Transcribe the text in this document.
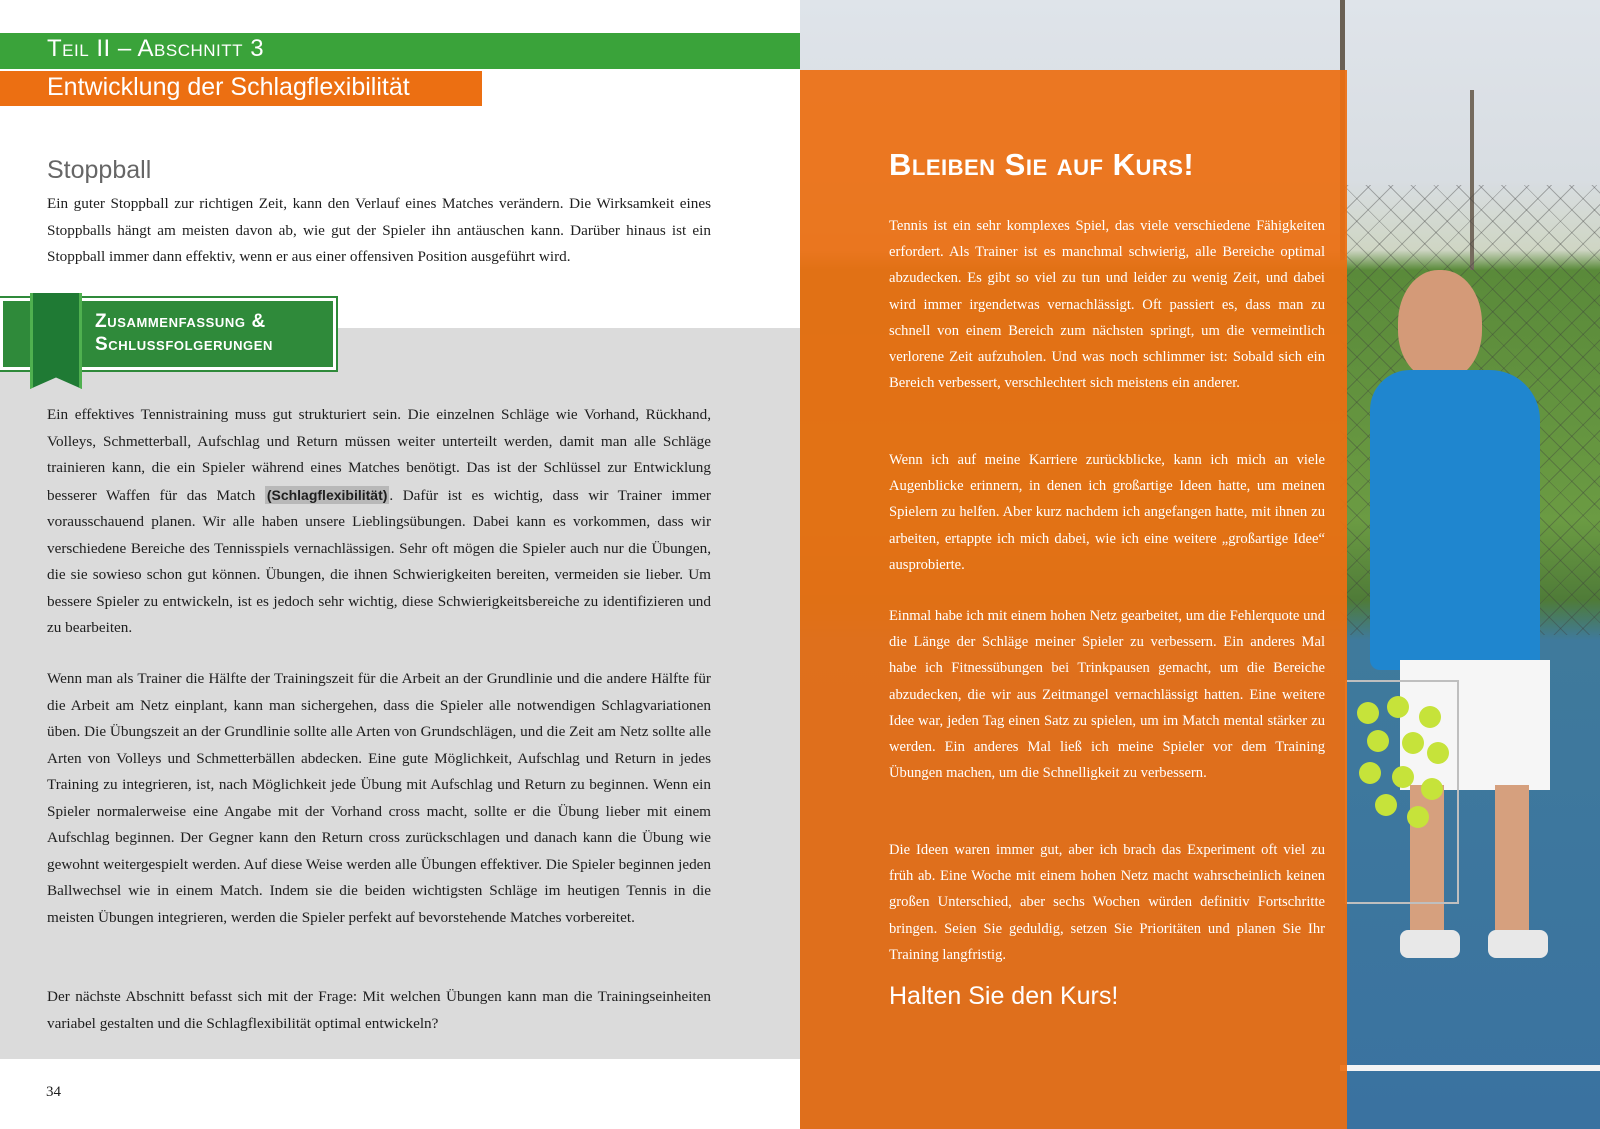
Teil II – Abschnitt 3
Entwicklung der Schlagflexibilität
Stoppball
Ein guter Stoppball zur richtigen Zeit, kann den Verlauf eines Matches verändern. Die Wirksamkeit eines Stoppballs hängt am meisten davon ab, wie gut der Spieler ihn antäuschen kann. Darüber hinaus ist ein Stoppball immer dann effektiv, wenn er aus einer offensiven Position ausgeführt wird.
Zusammenfassung &
Schlussfolgerungen
Ein effektives Tennistraining muss gut strukturiert sein. Die einzelnen Schläge wie Vorhand, Rückhand, Volleys, Schmetterball, Aufschlag und Return müssen weiter unterteilt werden, damit man alle Schläge trainieren kann, die ein Spieler während eines Matches benötigt. Das ist der Schlüssel zur Entwicklung besserer Waffen für das Match (Schlagflexibilität) . Dafür ist es wichtig, dass wir Trainer immer vorausschauend planen. Wir alle haben unsere Lieblingsübungen. Dabei kann es vorkommen, dass wir verschiedene Bereiche des Tennisspiels vernachlässigen. Sehr oft mögen die Spieler auch nur die Übungen, die sie sowieso schon gut können. Übungen, die ihnen Schwierigkeiten bereiten, vermeiden sie lieber. Um bessere Spieler zu entwickeln, ist es jedoch sehr wichtig, diese Schwierigkeitsbereiche zu identifizieren und zu bearbeiten.
Wenn man als Trainer die Hälfte der Trainingszeit für die Arbeit an der Grundlinie und die andere Hälfte für die Arbeit am Netz einplant, kann man sichergehen, dass die Spieler alle notwendigen Schlagvariationen üben. Die Übungszeit an der Grundlinie sollte alle Arten von Grundschlägen, und die Zeit am Netz sollte alle Arten von Volleys und Schmetterbällen abdecken. Eine gute Möglichkeit, Aufschlag und Return in jedes Training zu integrieren, ist, nach Möglichkeit jede Übung mit Aufschlag und Return zu beginnen. Wenn ein Spieler normalerweise eine Angabe mit der Vorhand cross macht, sollte er die Übung lieber mit einem Aufschlag beginnen. Der Gegner kann den Return cross zurückschlagen und danach kann die Übung wie gewohnt weitergespielt werden. Auf diese Weise werden alle Übungen effektiver. Die Spieler beginnen jeden Ballwechsel wie in einem Match. Indem sie die beiden wichtigsten Schläge im heutigen Tennis in die meisten Übungen integrieren, werden die Spieler perfekt auf bevorstehende Matches vorbereitet.
Der nächste Abschnitt befasst sich mit der Frage: Mit welchen Übungen kann man die Trainingseinheiten variabel gestalten und die Schlagflexibilität optimal entwickeln?
34
Bleiben Sie auf Kurs!
Tennis ist ein sehr komplexes Spiel, das viele verschiedene Fähigkeiten erfordert. Als Trainer ist es manchmal schwierig, alle Bereiche optimal abzudecken. Es gibt so viel zu tun und leider zu wenig Zeit, und dabei wird immer irgendetwas vernachlässigt. Oft passiert es, dass man zu schnell von einem Bereich zum nächsten springt, um die vermeintlich verlorene Zeit aufzuholen. Und was noch schlimmer ist: Sobald sich ein Bereich verbessert, verschlechtert sich meistens ein anderer.
Wenn ich auf meine Karriere zurückblicke, kann ich mich an viele Augenblicke erinnern, in denen ich großartige Ideen hatte, um meinen Spielern zu helfen. Aber kurz nachdem ich angefangen hatte, mit ihnen zu arbeiten, ertappte ich mich dabei, wie ich eine weitere „großartige Idee“ ausprobierte.
Einmal habe ich mit einem hohen Netz gearbeitet, um die Fehlerquote und die Länge der Schläge meiner Spieler zu verbessern. Ein anderes Mal habe ich Fitnessübungen bei Trinkpausen gemacht, um die Bereiche abzudecken, die wir aus Zeitmangel vernachlässigt hatten. Eine weitere Idee war, jeden Tag einen Satz zu spielen, um im Match mental stärker zu werden. Ein anderes Mal ließ ich meine Spieler vor dem Training Übungen machen, um die Schnelligkeit zu verbessern.
Die Ideen waren immer gut, aber ich brach das Experiment oft viel zu früh ab. Eine Woche mit einem hohen Netz macht wahrscheinlich keinen großen Unterschied, aber sechs Wochen würden definitiv Fortschritte bringen. Seien Sie geduldig, setzen Sie Prioritäten und planen Sie Ihr Training langfristig.
Halten Sie den Kurs!
